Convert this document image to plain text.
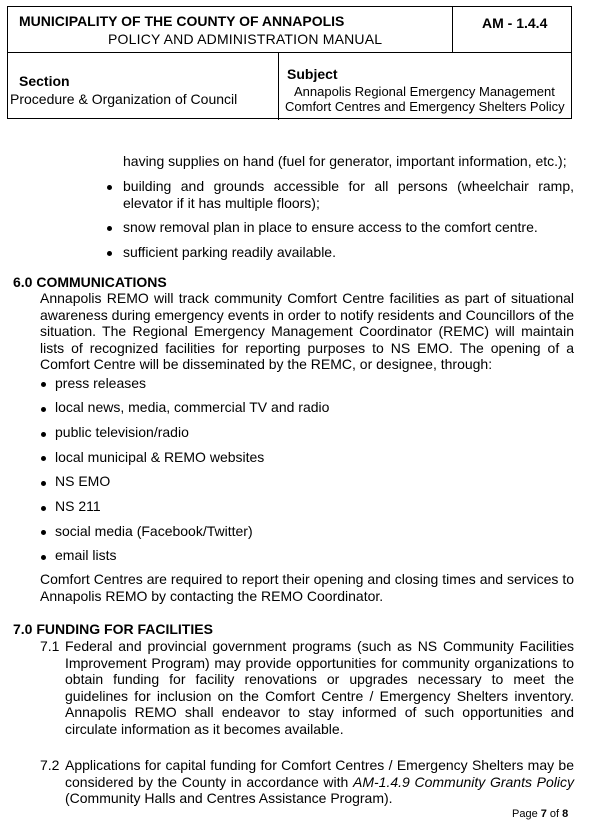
MUNICIPALITY OF THE COUNTY OF ANNAPOLIS
POLICY AND ADMINISTRATION MANUAL
AM - 1.4.4
Section
Procedure & Organization of Council
Subject
Annapolis Regional Emergency Management
Comfort Centres and Emergency Shelters Policy
having supplies on hand (fuel for generator, important information, etc.);
building and grounds accessible for all persons (wheelchair ramp, elevator if it has multiple floors);
snow removal plan in place to ensure access to the comfort centre.
sufficient parking readily available.
6.0 COMMUNICATIONS
Annapolis REMO will track community Comfort Centre facilities as part of situational awareness during emergency events in order to notify residents and Councillors of the situation. The Regional Emergency Management Coordinator (REMC) will maintain lists of recognized facilities for reporting purposes to NS EMO. The opening of a Comfort Centre will be disseminated by the REMC, or designee, through:
press releases
local news, media, commercial TV and radio
public television/radio
local municipal & REMO websites
NS EMO
NS 211
social media (Facebook/Twitter)
email lists
Comfort Centres are required to report their opening and closing times and services to Annapolis REMO by contacting the REMO Coordinator.
7.0 FUNDING FOR FACILITIES
7.1 Federal and provincial government programs (such as NS Community Facilities Improvement Program) may provide opportunities for community organizations to obtain funding for facility renovations or upgrades necessary to meet the guidelines for inclusion on the Comfort Centre / Emergency Shelters inventory. Annapolis REMO shall endeavor to stay informed of such opportunities and circulate information as it becomes available.
7.2 Applications for capital funding for Comfort Centres / Emergency Shelters may be considered by the County in accordance with AM-1.4.9 Community Grants Policy (Community Halls and Centres Assistance Program).
Page 7 of 8
